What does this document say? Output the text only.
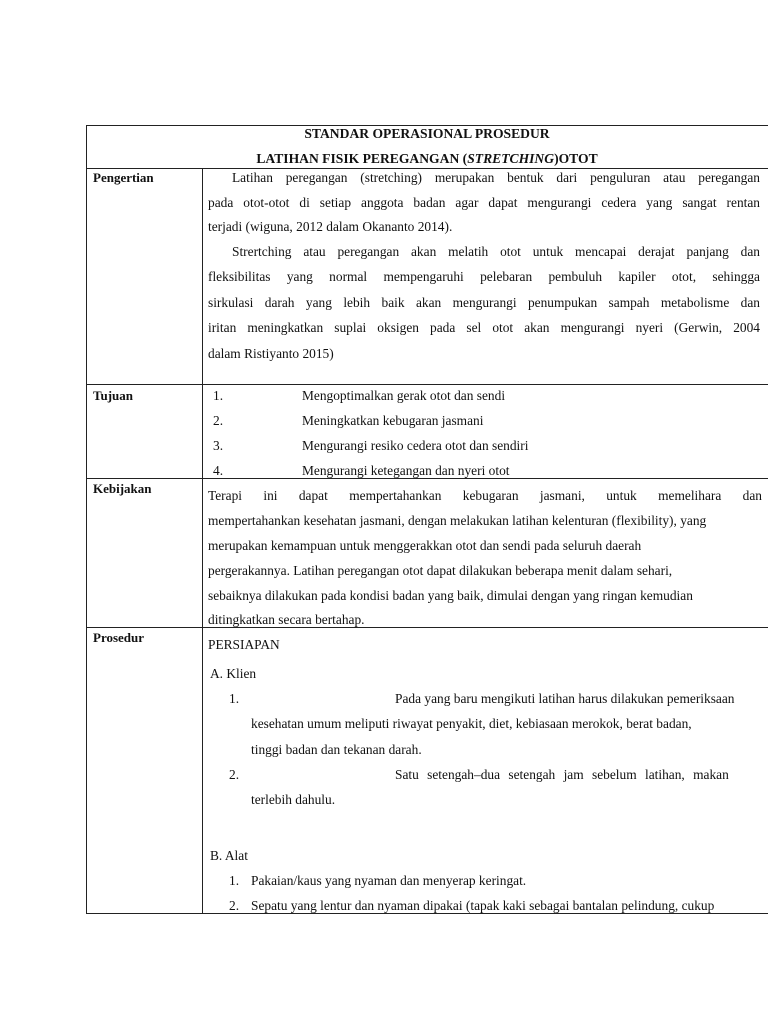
STANDAR OPERASIONAL PROSEDUR
LATIHAN FISIK PEREGANGAN (STRETCHING)OTOT
Pengertian	Latihan peregangan (stretching) merupakan bentuk dari penguluran atau peregangan
pada otot-otot di setiap anggota badan agar dapat mengurangi cedera yang sangat rentan
terjadi (wiguna, 2012 dalam Okananto 2014).
Strertching atau peregangan akan melatih otot untuk mencapai derajat panjang dan
fleksibilitas yang normal mempengaruhi pelebaran pembuluh kapiler otot, sehingga
sirkulasi darah yang lebih baik akan mengurangi penumpukan sampah metabolisme dan
iritan meningkatkan suplai oksigen pada sel otot akan mengurangi nyeri (Gerwin, 2004
dalam Ristiyanto 2015)
Tujuan	1.	Mengoptimalkan gerak otot dan sendi
2.	Meningkatkan kebugaran jasmani
3.	Mengurangi resiko cedera otot dan sendiri
4.	Mengurangi ketegangan dan nyeri otot
Kebijakan	Terapi ini dapat mempertahankan kebugaran jasmani, untuk memelihara dan
mempertahankan kesehatan jasmani, dengan melakukan latihan kelenturan (flexibility), yang
merupakan kemampuan untuk menggerakkan otot dan sendi pada seluruh daerah
pergerakannya. Latihan peregangan otot dapat dilakukan beberapa menit dalam sehari,
sebaiknya dilakukan pada kondisi badan yang baik, dimulai dengan yang ringan kemudian
ditingkatkan secara bertahap.
Prosedur	PERSIAPAN
A. Klien
1.	Pada yang baru mengikuti latihan harus dilakukan pemeriksaan
kesehatan umum meliputi riwayat penyakit, diet, kebiasaan merokok, berat badan,
tinggi badan dan tekanan darah.
2.	Satu setengah–dua setengah jam sebelum latihan, makan
terlebih dahulu.
B. Alat
1. Pakaian/kaus yang nyaman dan menyerap keringat.
2. Sepatu yang lentur dan nyaman dipakai (tapak kaki sebagai bantalan pelindung, cukup
